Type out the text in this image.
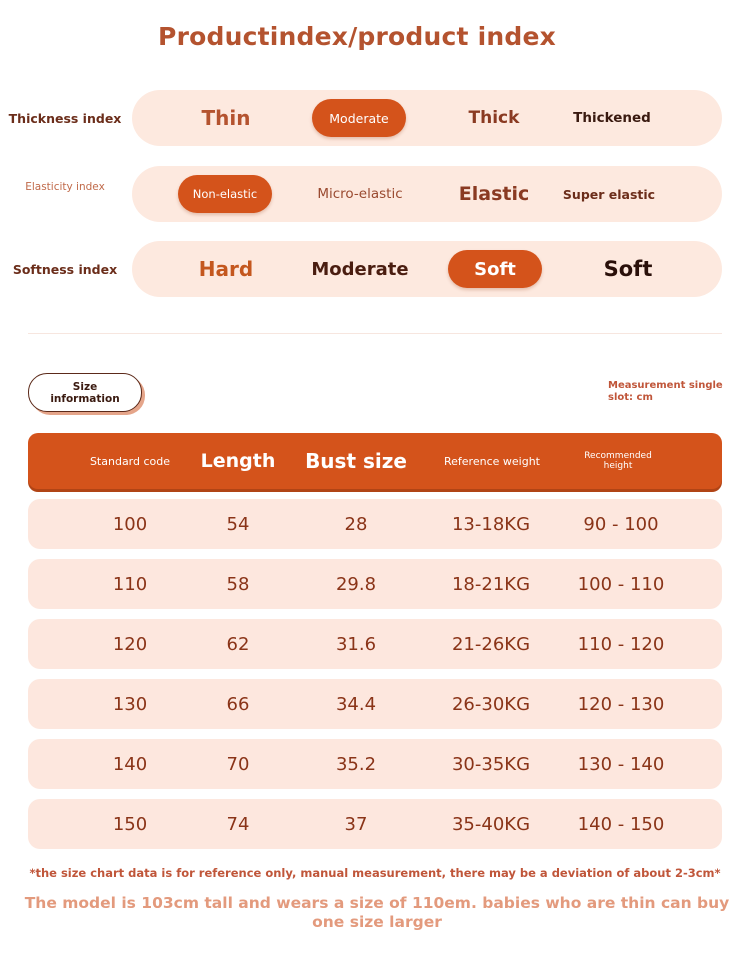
Productindex/product index
Thickness index	Thin	Moderate	Thick	Thickened
Elasticity index	Non-elastic	Micro-elastic	Elastic	Super elastic
Softness index	Hard	Moderate	Soft	Soft
Size information
Measurement single slot: cm
Standard code	Length	Bust size	Reference weight	Recommended height
100	54	28	13-18KG	90 - 100
110	58	29.8	18-21KG	100 - 110
120	62	31.6	21-26KG	110 - 120
130	66	34.4	26-30KG	120 - 130
140	70	35.2	30-35KG	130 - 140
150	74	37	35-40KG	140 - 150
*the size chart data is for reference only, manual measurement, there may be a deviation of about 2-3cm*
The model is 103cm tall and wears a size of 110em. babies who are thin can buy one size larger
